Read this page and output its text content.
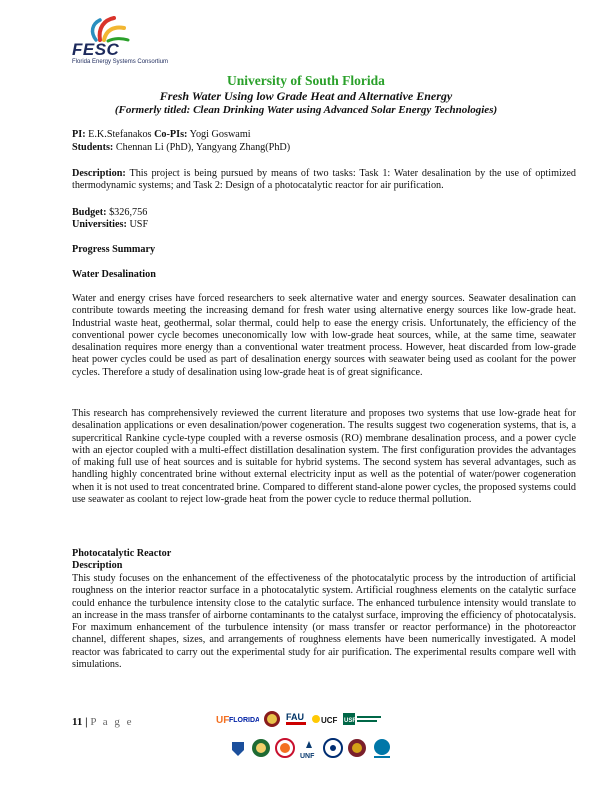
FESC
Florida Energy Systems Consortium
University of South Florida
Fresh Water Using low Grade Heat and Alternative Energy
(Formerly titled: Clean Drinking Water using Advanced Solar Energy Technologies)
PI: E.K.Stefanakos Co-PIs: Yogi Goswami
Students: Chennan Li (PhD), Yangyang Zhang(PhD)
Description: This project is being pursued by means of two tasks: Task 1: Water desalination by the use of optimized thermodynamic systems; and Task 2: Design of a photocatalytic reactor for air purification.
Budget: $326,756
Universities: USF
Progress Summary
Water Desalination
Water and energy crises have forced researchers to seek alternative water and energy sources. Seawater desalination can contribute towards meeting the increasing demand for fresh water using alternative energy sources like low-grade heat. Industrial waste heat, geothermal, solar thermal, could help to ease the energy crisis. Unfortunately, the efficiency of the conventional power cycle becomes uneconomically low with low-grade heat sources, while, at the same time, seawater desalination requires more energy than a conventional water treatment process. However, heat discarded from low-grade heat power cycles could be used as part of desalination energy sources with seawater being used as coolant for the power cycles. Therefore a study of desalination using low-grade heat is of great significance.
This research has comprehensively reviewed the current literature and proposes two systems that use low-grade heat for desalination applications or even desalination/power cogeneration. The results suggest two cogeneration systems, that is, a supercritical Rankine cycle-type coupled with a reverse osmosis (RO) membrane desalination process, and a power cycle with an ejector coupled with a multi-effect distillation desalination system. The first configuration provides the advantages of making full use of heat sources and is suitable for hybrid systems. The second system has several advantages, such as handling highly concentrated brine without external electricity input as well as the potential of water/power cogeneration when it is not used to treat concentrated brine. Compared to different stand-alone power cycles, the proposed systems could use seawater as coolant to reject low-grade heat from the power cycle to reduce thermal pollution.
Photocatalytic Reactor
Description
This study focuses on the enhancement of the effectiveness of the photocatalytic process by the introduction of artificial roughness on the interior reactor surface in a photocatalytic system. Artificial roughness elements on the catalytic surface could enhance the turbulence intensity close to the catalytic surface. The enhanced turbulence intensity would translate to an increase in the mass transfer of airborne contaminants to the catalyst surface, improving the efficiency of photocatalysis. For maximum enhancement of the turbulence intensity (or mass transfer or reactor performance) in the photoreactor channel, different shapes, sizes, and arrangements of roughness elements have been numerically investigated. A model reactor was fabricated to carry out the experimental study for air purification. The experimental results compare well with simulations.
11 | P a g e	UF FLORIDA	FAU UCF USF
UNF
